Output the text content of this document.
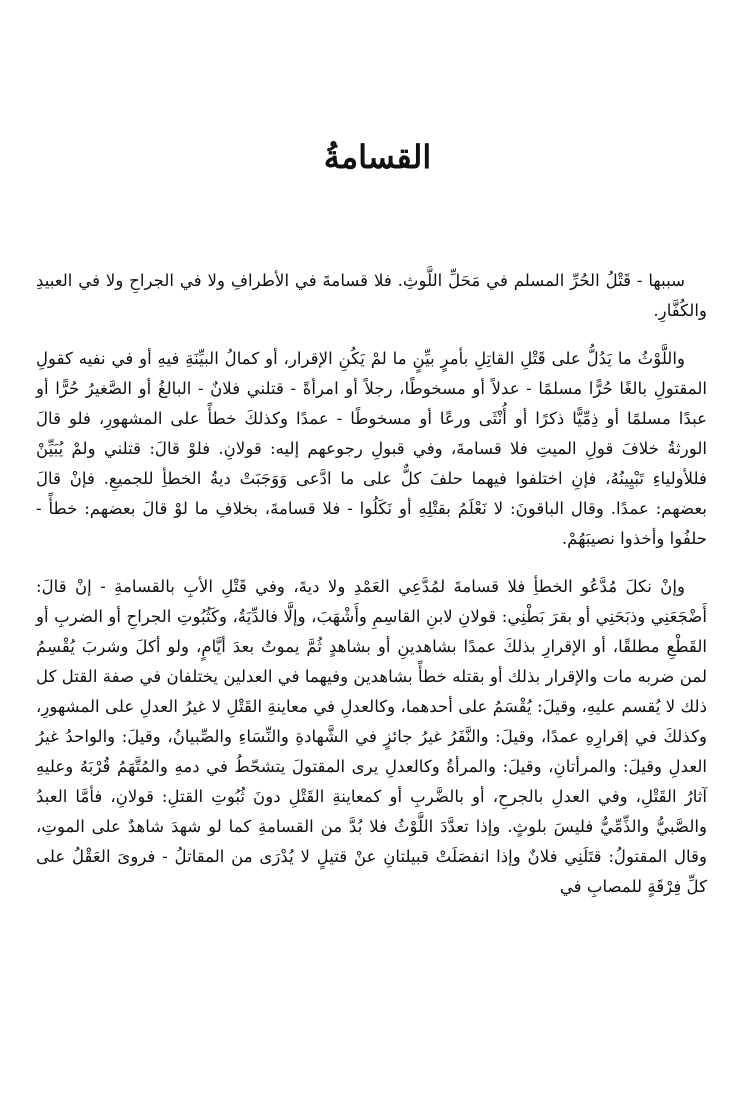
القسامةُ

سببها - قَتْلُ الحُرِّ المسلم في مَحَلِّ اللَّوثِ. فلا قسامةَ في الأطرافِ ولا في الجراحِ ولا في العبيدِ والكُفَّارِ.

واللَّوْثُ ما يَدُلُّ على قَتْلِ القاتِلِ بأمرٍ بيِّنٍ ما لمْ يَكُنِ الإقرار، أو كمالُ البيِّنَةِ فيهِ أو في نفيه كقولِ المقتولِ بالغًا حُرًّا مسلمًا - عدلاً أو مسخوطًا، رجلاً أو امرأةً - قتلني فلانٌ - البالغُ أو الصَّغيرُ حُرًّا أو عبدًا مسلمًا أو ذِمِّيًّا ذكرًا أو أُنْثَى ورعًا أو مسخوطًا - عمدًا وكذلكَ خطأً على المشهورِ، فلو قالَ الورثةُ خلافَ قولِ الميتِ فلا قسامةَ، وفي قبولِ رجوعهم إليه: قولانِ. فلوْ قالَ: قتلني ولمْ يُبَيِّنْ فللأولياءِ تَبْيِينُهُ، فإنِ اختلفوا فيهما حلفَ كلٌّ على ما ادَّعى وَوَجَبَتْ ديةُ الخطأِ للجميعِ. فإنْ قالَ بعضهم: عمدًا. وقال الباقونَ: لا نَعْلَمُ بقتْلِهِ أو نَكَلُوا - فلا قسامةَ، بخلافِ ما لوْ قالَ بعضهم: خطأً - حلفُوا وأخذوا نصيبَهُمْ.

وإنْ نكلَ مُدَّعُو الخطأِ فلا قسامةَ لمُدَّعِي العَمْدِ ولا ديةَ، وفي قَتْلِ الأبِ بالقسامةِ - إنْ قالَ: أَضْجَعَنِي وذبَحَنِي أو بقرَ بَطْنِي: قولانِ لابنِ القاسِمِ وأَشْهَبَ، وإلَّا فالدِّيَةُ، وكَثُبُوتِ الجراحِ أو الضربِ أو القَطْعِ مطلقًا، أو الإقرارِ بذلكَ عمدًا بشاهدينِ أو بشاهدٍ ثُمَّ يموتُ بعدَ أيَّامٍ، ولو أكلَ وشربَ يُقْسِمُ لمن ضربه مات والإقرار بذلك أو بقتله خطأً بشاهدين وفيهما في العدلين يختلفان في صفة القتل كل ذلك لا يُقسم عليهِ، وقيلَ: يُقْسَمُ على أحدهما، وكالعدلِ في معاينةِ القَتْلِ لا غيرُ العدلِ على المشهورِ، وكذلكَ في إقرارِهِ عمدًا، وقيلَ: والنَّفَرُ غيرُ جائزٍ في الشَّهادةِ والنِّسَاءِ والصِّبيانُ، وقيلَ: والواحدُ غيرُ العدلِ وقيلَ: والمرأتانِ، وقيلَ: والمرأةُ وكالعدلِ يرى المقتولَ يتشحّطُ في دمهِ والمُتَّهَمُ قُرْبَهُ وعليهِ آثارُ القَتْلِ، وفي العدلِ بالجرحِ، أو بالضَّربِ أو كمعاينةِ القَتْلِ دونَ ثُبُوتِ القتلِ: قولانِ، فأمَّا العبدُ والصَّبيُّ والذِّمِّيُّ فليسَ بلوثٍ. وإذا تعدَّدَ اللَّوْثُ فلا بُدَّ من القسامةِ كما لو شهدَ شاهدٌ على الموتِ، وقال المقتولُ: قتَلَنِي فلانٌ وإذا انفصَلَتْ قبيلتانِ عنْ قتيلٍ لا يُدْرَى من المقاتلُ - فروىَ العَقْلُ على كلِّ فِرْقَةٍ للمصابِ في
